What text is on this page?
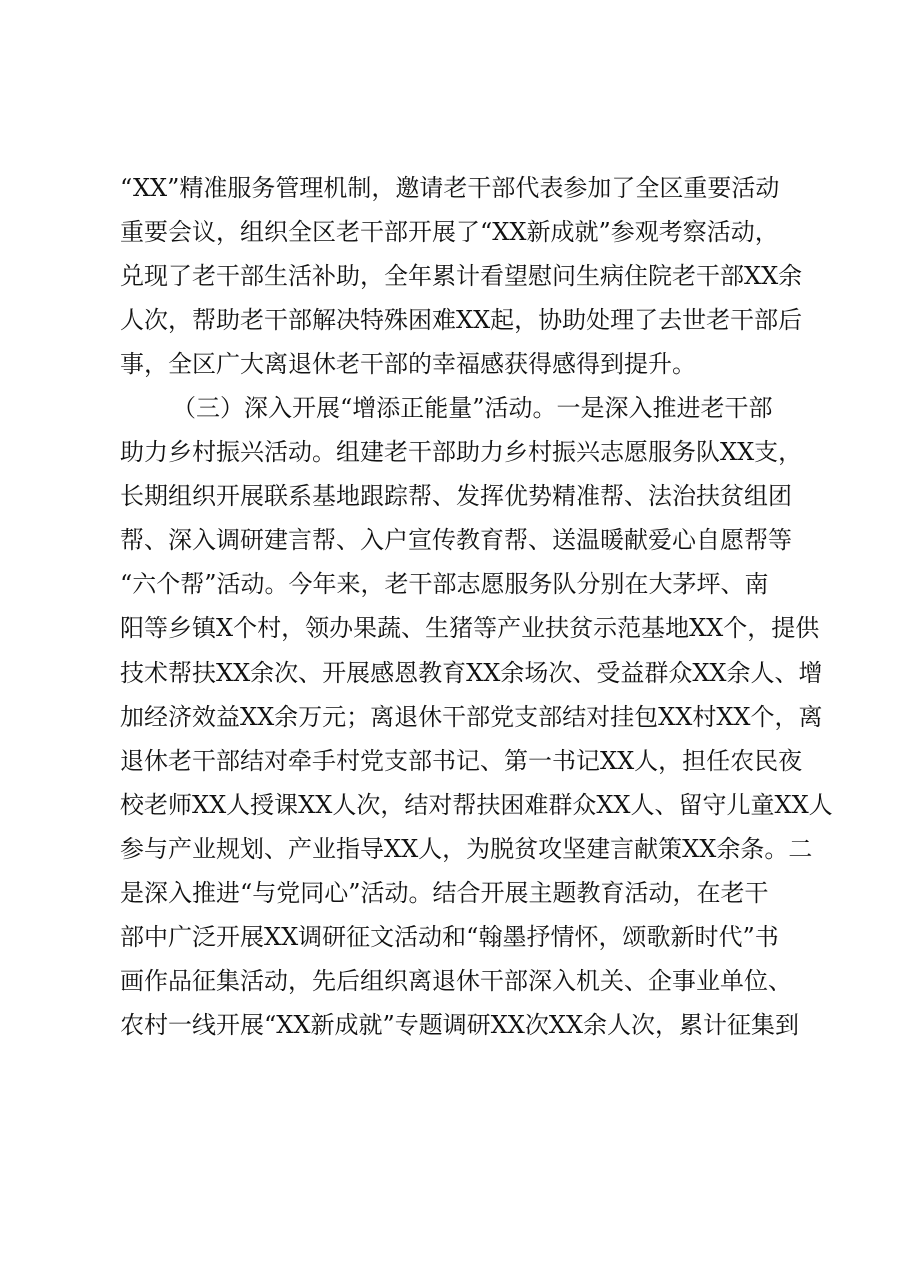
“XX”精准服务管理机制，邀请老干部代表参加了全区重要活动
重要会议，组织全区老干部开展了“XX新成就”参观考察活动，
兑现了老干部生活补助，全年累计看望慰问生病住院老干部XX余
人次，帮助老干部解决特殊困难XX起，协助处理了去世老干部后
事，全区广大离退休老干部的幸福感获得感得到提升。
（三）深入开展“增添正能量”活动。一是深入推进老干部
助力乡村振兴活动。组建老干部助力乡村振兴志愿服务队XX支，
长期组织开展联系基地跟踪帮、发挥优势精准帮、法治扶贫组团
帮、深入调研建言帮、入户宣传教育帮、送温暖献爱心自愿帮等
“六个帮”活动。今年来，老干部志愿服务队分别在大茅坪、南
阳等乡镇X个村，领办果蔬、生猪等产业扶贫示范基地XX个，提供
技术帮扶XX余次、开展感恩教育XX余场次、受益群众XX余人、增
加经济效益XX余万元；离退休干部党支部结对挂包XX村XX个，离
退休老干部结对牵手村党支部书记、第一书记XX人，担任农民夜
校老师XX人授课XX人次，结对帮扶困难群众XX人、留守儿童XX人
参与产业规划、产业指导XX人，为脱贫攻坚建言献策XX余条。二
是深入推进“与党同心”活动。结合开展主题教育活动，在老干
部中广泛开展XX调研征文活动和“翰墨抒情怀，颂歌新时代”书
画作品征集活动，先后组织离退休干部深入机关、企事业单位、
农村一线开展“XX新成就”专题调研XX次XX余人次，累计征集到
